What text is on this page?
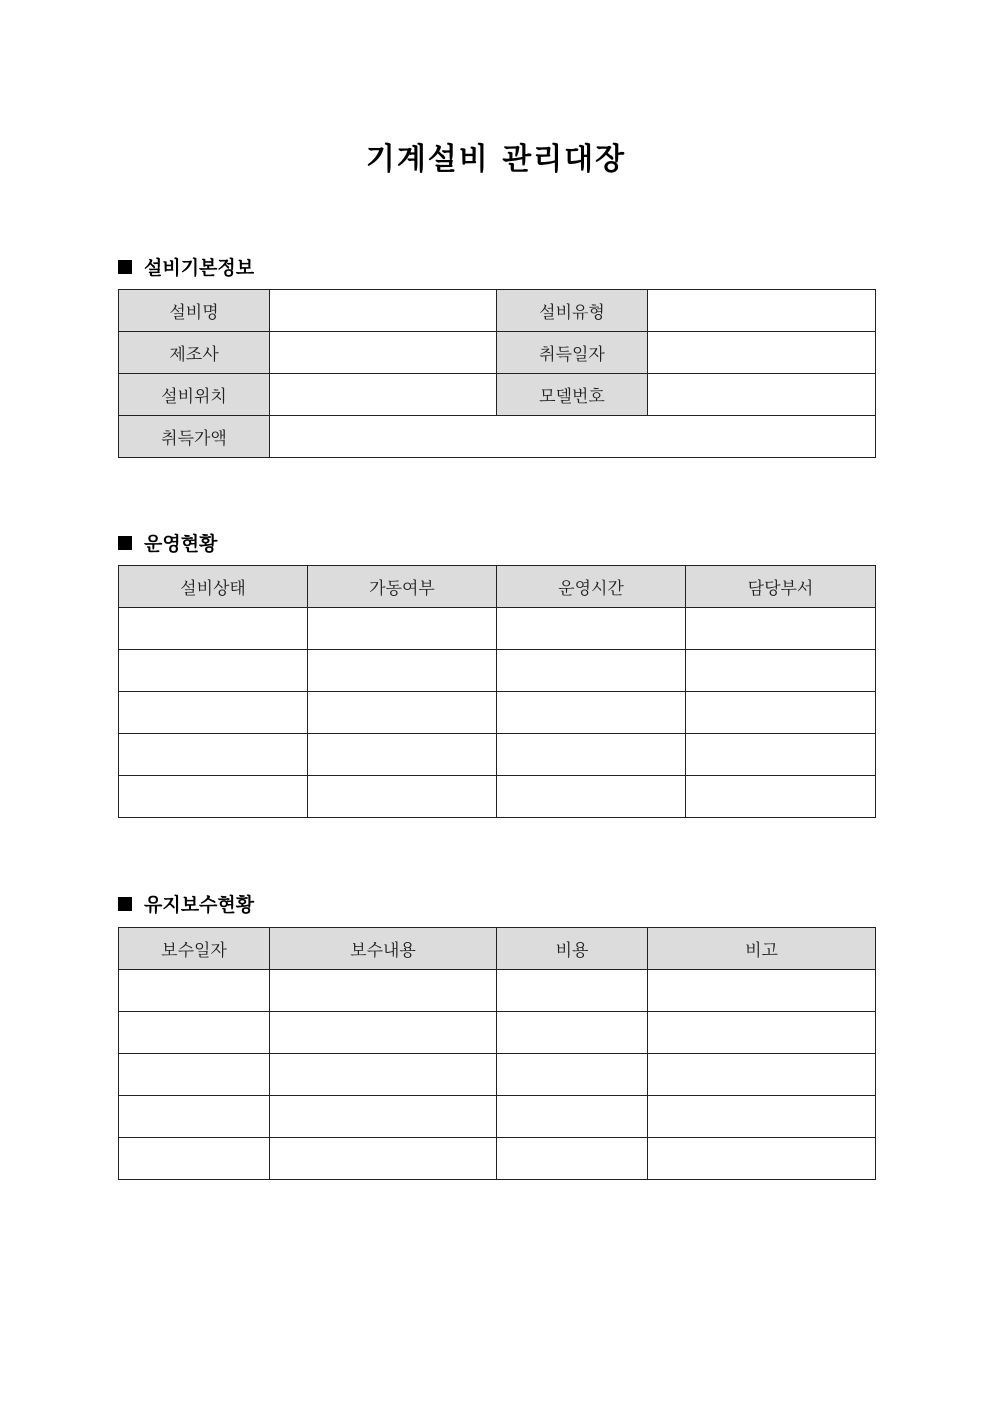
기계설비 관리대장
설비기본정보
설비명		설비유형	
제조사		취득일자	
설비위치		모델번호	
취득가액			
운영현황
설비상태	가동여부	운영시간	담당부서

유지보수현황
보수일자	보수내용	비용	비고
